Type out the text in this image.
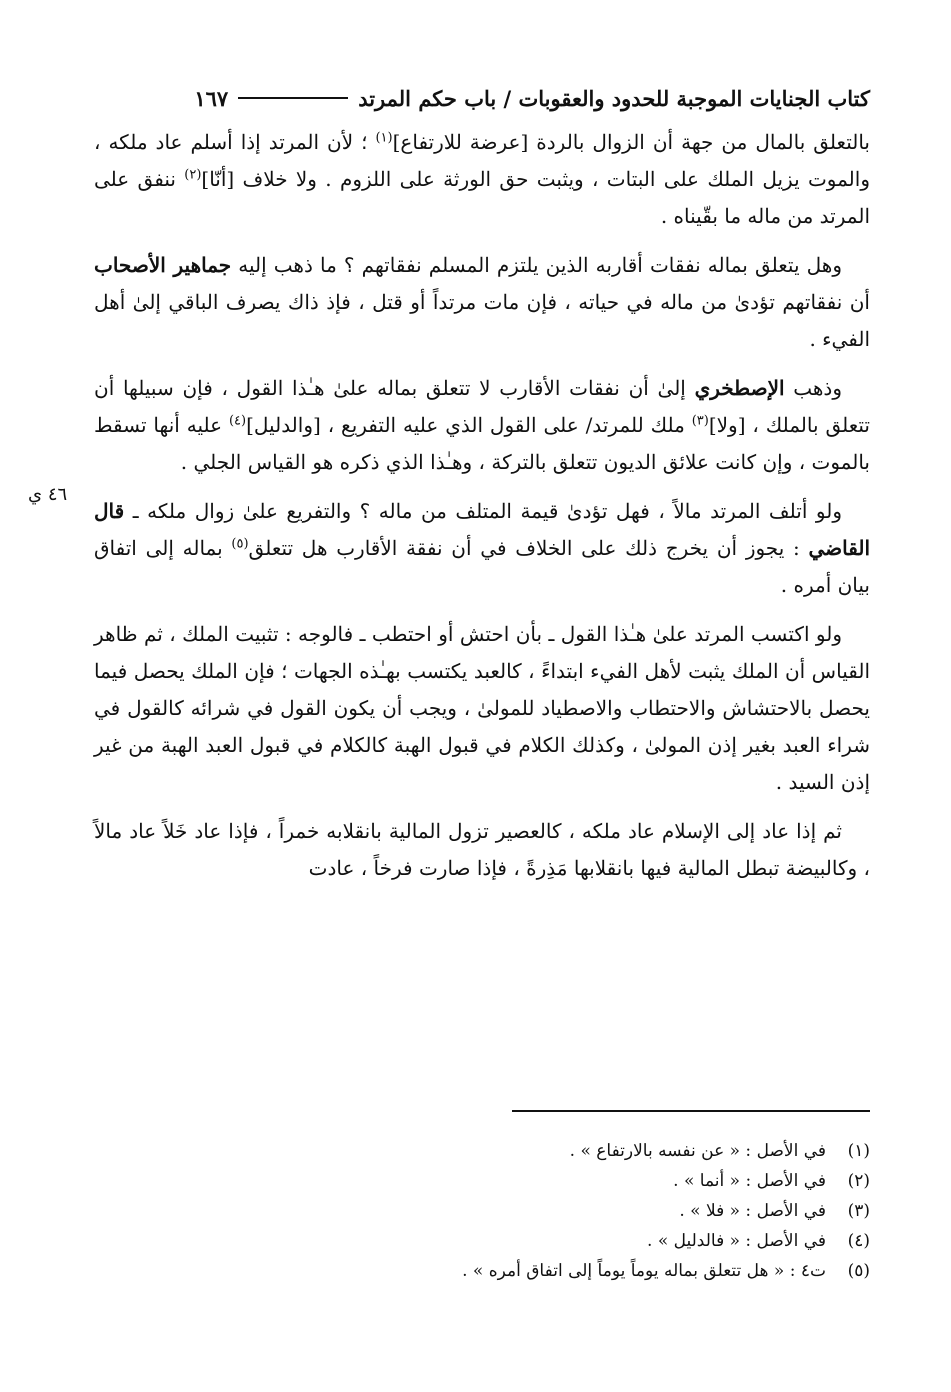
كتاب الجنايات الموجبة للحدود والعقوبات / باب حكم المرتد
١٦٧

بالتعلق بالمال من جهة أن الزوال بالردة [عرضة للارتفاع]$^{(١)}$ ؛ لأن المرتد إذا أسلم عاد ملكه ، والموت يزيل الملك على البتات ، ويثبت حق الورثة على اللزوم . ولا خلاف [أنّا]$^{(٢)}$ ننفق على المرتد من ماله ما بقّيناه .

وهل يتعلق بماله نفقات أقاربه الذين يلتزم المسلم نفقاتهم ؟ ما ذهب إليه جماهير الأصحاب أن نفقاتهم تؤدىٰ من ماله في حياته ، فإن مات مرتداً أو قتل ، فإذ ذاك يصرف الباقي إلىٰ أهل الفيء .

وذهب الإصطخري إلىٰ أن نفقات الأقارب لا تتعلق بماله علىٰ هـٰذا القول ، فإن سبيلها أن تتعلق بالملك ، [ولا]$^{(٣)}$ ملك للمرتد/ على القول الذي عليه التفريع ، [والدليل]$^{(٤)}$ عليه أنها تسقط بالموت ، وإن كانت علائق الديون تتعلق بالتركة ، وهـٰذا الذي ذكره هو القياس الجلي .

ولو أتلف المرتد مالاً ، فهل تؤدىٰ قيمة المتلف من ماله ؟ والتفريع علىٰ زوال ملكه ـ قال القاضي : يجوز أن يخرج ذلك على الخلاف في أن نفقة الأقارب هل تتعلق$^{(٥)}$ بماله إلى اتفاق بيان أمره .

ولو اكتسب المرتد علىٰ هـٰذا القول ـ بأن احتش أو احتطب ـ فالوجه : تثبيت الملك ، ثم ظاهر القياس أن الملك يثبت لأهل الفيء ابتداءً ، كالعبد يكتسب بهـٰذه الجهات ؛ فإن الملك يحصل فيما يحصل بالاحتشاش والاحتطاب والاصطياد للمولىٰ ، ويجب أن يكون القول في شرائه كالقول في شراء العبد بغير إذن المولىٰ ، وكذلك الكلام في قبول الهبة كالكلام في قبول العبد الهبة من غير إذن السيد .

ثم إذا عاد إلى الإسلام عاد ملكه ، كالعصير تزول المالية بانقلابه خمراً ، فإذا عاد خَلاً عاد مالاً ، وكالبيضة تبطل المالية فيها بانقلابها مَذِرةً ، فإذا صارت فرخاً ، عادت

٤٦ ي
(١)
في الأصل : « عن نفسه بالارتفاع » .
(٢)
في الأصل : « أنما » .
(٣)
في الأصل : « فلا » .
(٤)
في الأصل : « فالدليل » .
(٥)
ت٤ : « هل تتعلق بماله يوماً يوماً إلى اتفاق أمره » .
